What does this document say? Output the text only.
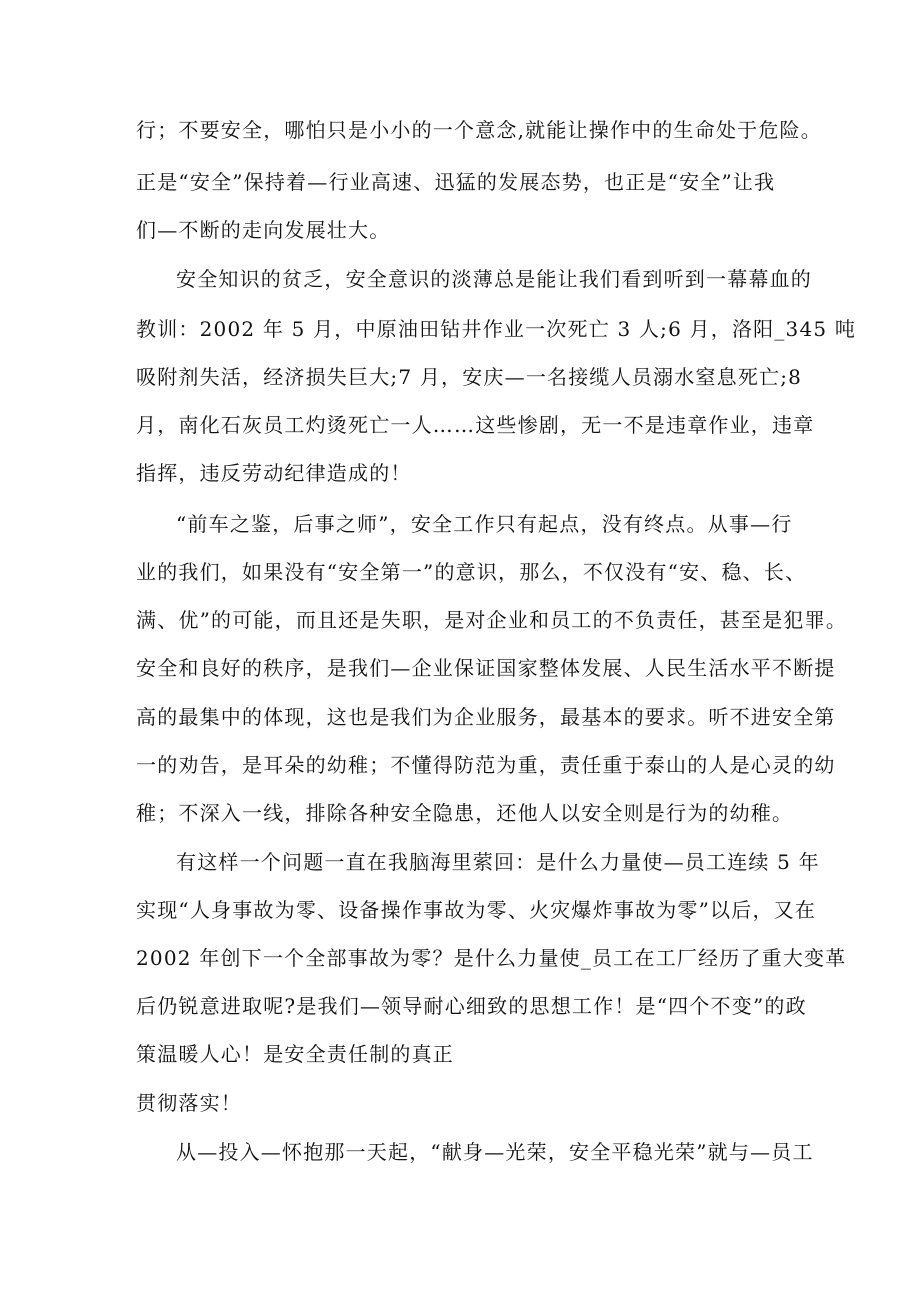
行；不要安全，哪怕只是小小的一个意念,就能让操作中的生命处于危险。
正是“安全”保持着—行业高速、迅猛的发展态势，也正是“安全”让我
们—不断的走向发展壮大。
安全知识的贫乏，安全意识的淡薄总是能让我们看到听到一幕幕血的
教训：2002 年 5 月，中原油田钻井作业一次死亡 3 人;6 月，洛阳_345 吨
吸附剂失活，经济损失巨大;7 月，安庆—一名接缆人员溺水窒息死亡;8
月，南化石灰员工灼烫死亡一人……这些惨剧，无一不是违章作业，违章
指挥，违反劳动纪律造成的！
“前车之鉴，后事之师”，安全工作只有起点，没有终点。从事—行
业的我们，如果没有“安全第一”的意识，那么，不仅没有“安、稳、长、
满、优”的可能，而且还是失职，是对企业和员工的不负责任，甚至是犯罪。
安全和良好的秩序，是我们—企业保证国家整体发展、人民生活水平不断提
高的最集中的体现，这也是我们为企业服务，最基本的要求。听不进安全第
一的劝告，是耳朵的幼稚；不懂得防范为重，责任重于泰山的人是心灵的幼
稚；不深入一线，排除各种安全隐患，还他人以安全则是行为的幼稚。
有这样一个问题一直在我脑海里萦回：是什么力量使—员工连续 5 年
实现“人身事故为零、设备操作事故为零、火灾爆炸事故为零”以后，又在
2002 年创下一个全部事故为零？是什么力量使_员工在工厂经历了重大变革
后仍锐意进取呢?是我们—领导耐心细致的思想工作！是“四个不变”的政
策温暖人心！是安全责任制的真正
贯彻落实！
从—投入—怀抱那一天起，“献身—光荣，安全平稳光荣”就与—员工
